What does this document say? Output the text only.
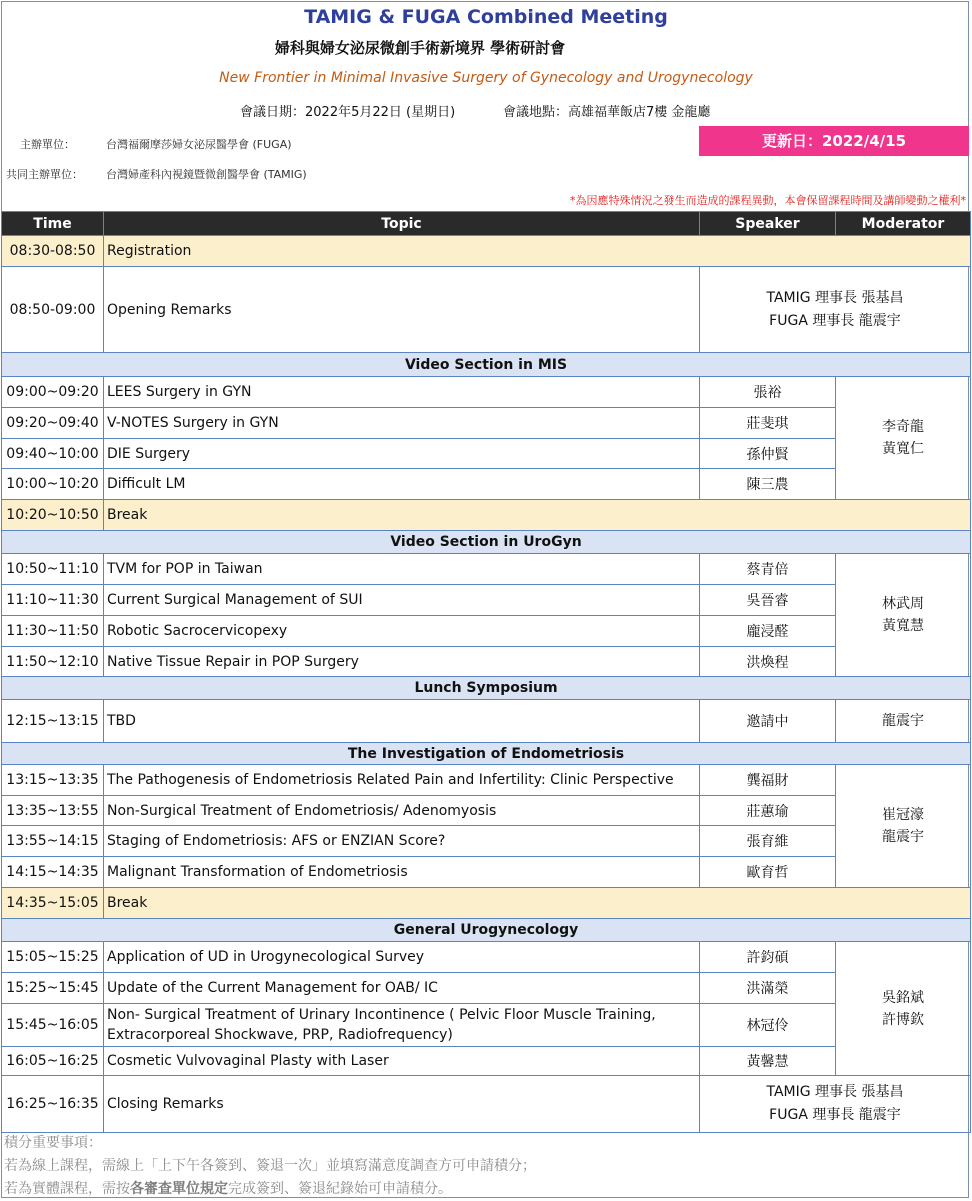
TAMIG & FUGA Combined Meeting
婦科與婦女泌尿微創手術新境界 學術研討會
New Frontier in Minimal Invasive Surgery of Gynecology and Urogynecology
會議日期：2022年5月22日 (星期日)	會議地點：高雄福華飯店7樓 金龍廳
主辦單位：	台灣福爾摩莎婦女泌尿醫學會 (FUGA)
共同主辦單位： 台灣婦產科內視鏡暨微創醫學會 (TAMIG)
更新日：2022/4/15
*為因應特殊情況之發生而造成的課程異動，本會保留課程時間及講師變動之權利*
Time	Topic	Speaker	Moderator
08:30-08:50	Registration		
08:50-09:00	Opening Remarks	TAMIG 理事長 張基昌
FUGA 理事長 龍震宇	

Video Section in MIS			
09:00~09:20	LEES Surgery in GYN	張裕	李奇龍
黃寬仁

09:20~09:40	V-NOTES Surgery in GYN	莊斐琪	
09:40~10:00	DIE Surgery	孫仲賢	
10:00~10:20	Difficult LM	陳三農	
10:20~10:50	Break		
Video Section in UroGyn			
10:50~11:10	TVM for POP in Taiwan	蔡青倍	林武周
黃寬慧

11:10~11:30	Current Surgical Management of SUI	吳晉睿	
11:30~11:50	Robotic Sacrocervicopexy	龐浸醛	
11:50~12:10	Native Tissue Repair in POP Surgery	洪煥程	
Lunch Symposium			
12:15~13:15	TBD	邀請中	龍震宇
The Investigation of Endometriosis			
13:15~13:35	The Pathogenesis of Endometriosis Related Pain and Infertility: Clinic Perspective	龔福財	崔冠濠
龍震宇

13:35~13:55	Non-Surgical Treatment of Endometriosis/ Adenomyosis	莊蕙瑜	
13:55~14:15	Staging of Endometriosis: AFS or ENZIAN Score?	張育維	
14:15~14:35	Malignant Transformation of Endometriosis	歐育哲	
14:35~15:05	Break		
General Urogynecology			
15:05~15:25	Application of UD in Urogynecological Survey	許鈞碩	吳銘斌
許博欽

15:25~15:45	Update of the Current Management for OAB/ IC	洪滿榮	
15:45~16:05	Non- Surgical Treatment of Urinary Incontinence ( Pelvic Floor Muscle Training, Extracorporeal Shockwave, PRP, Radiofrequency)	林冠伶	
16:05~16:25	Cosmetic Vulvovaginal Plasty with Laser	黃馨慧	
16:25~16:35	Closing Remarks	TAMIG 理事長 張基昌
FUGA 理事長 龍震宇	
積分重要事項：
若為線上課程，需線上「上下午各簽到、簽退一次」並填寫滿意度調查方可申請積分；
若為實體課程，需按各審查單位規定完成簽到、簽退紀錄始可申請積分。
